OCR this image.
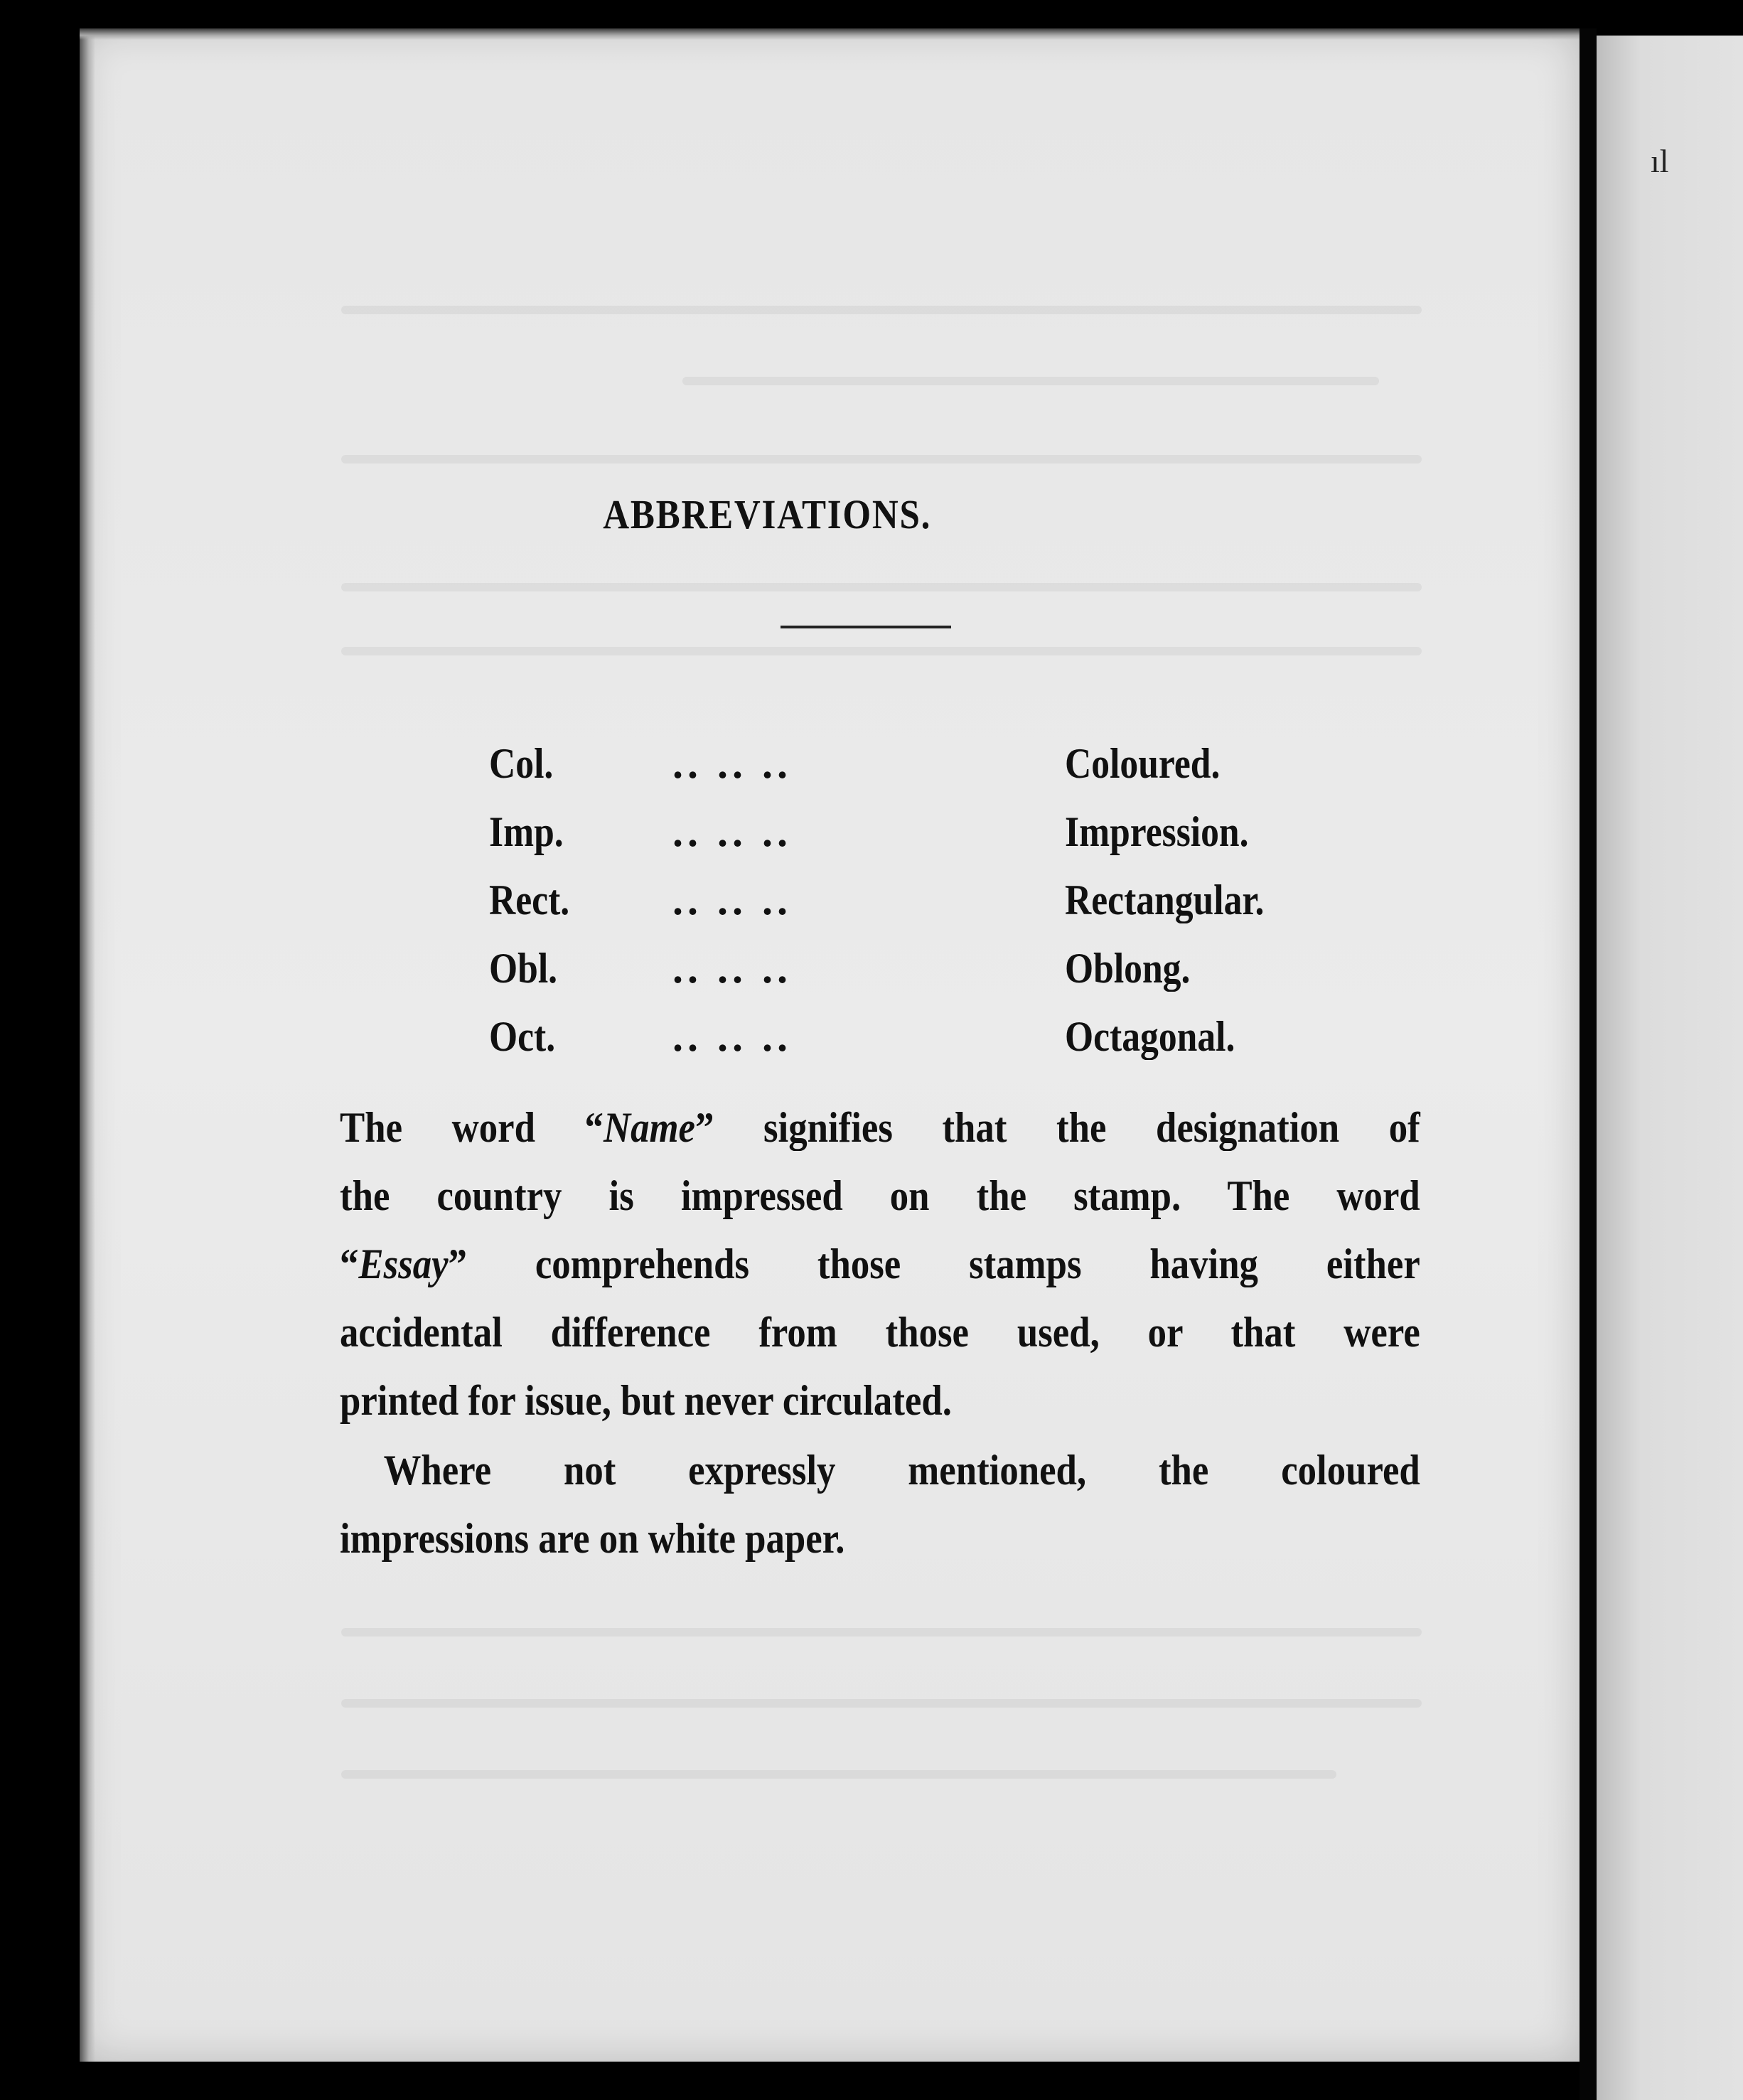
ıl
ABBREVIATIONS.
Col.	.. .. ..	Coloured.
Imp.	.. .. ..	Impression.
Rect. .. .. ..	Rectangular.
Obl.	.. .. ..	Oblong.
Oct.	.. .. ..	Octagonal.
The word “Name” signifies that the designation of
the country is impressed on the stamp. The word
“Essay” comprehends those stamps having either
accidental difference from those used, or that were
printed for issue, but never circulated.
Where not expressly mentioned, the coloured
impressions are on white paper.
